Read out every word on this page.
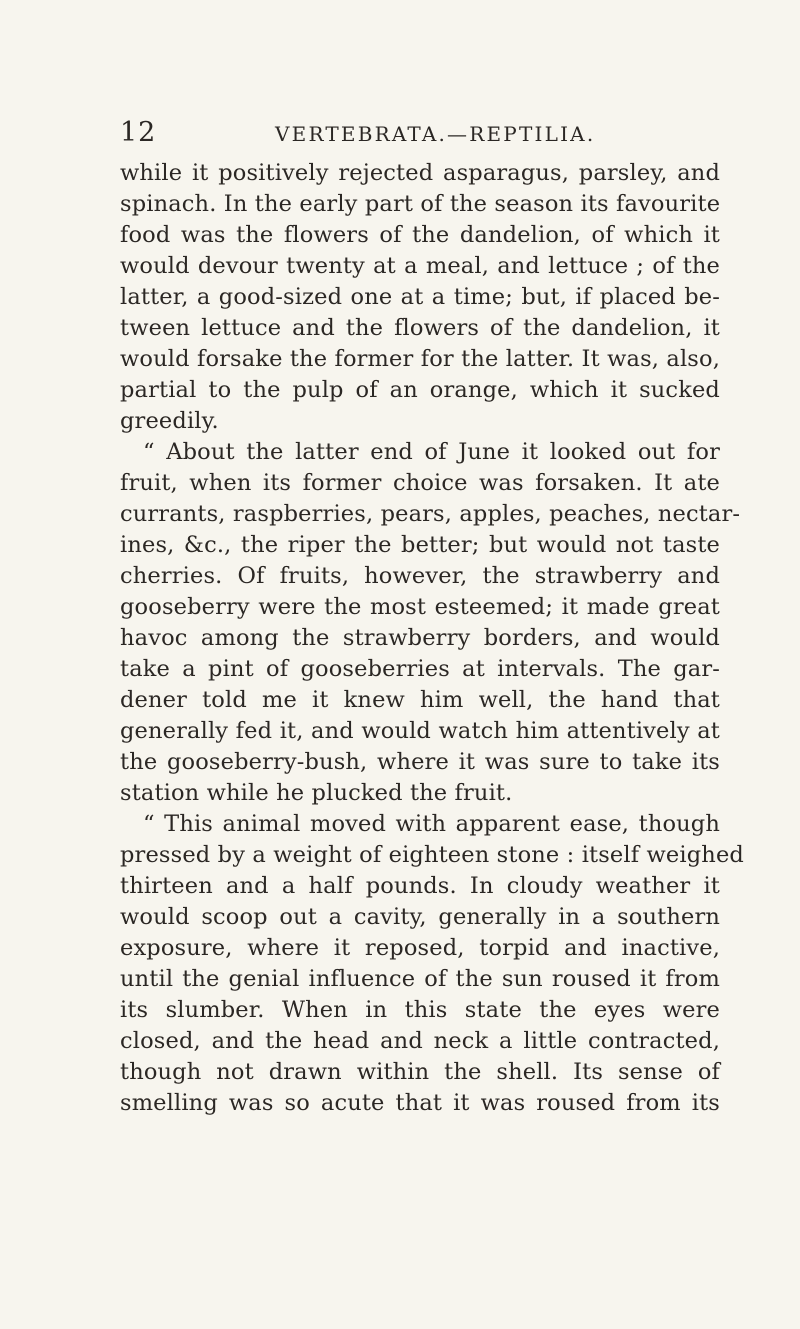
12	VERTEBRATA.—REPTILIA.
while it positively rejected asparagus, parsley, and
spinach. In the early part of the season its favourite
food was the flowers of the dandelion, of which it
would devour twenty at a meal, and lettuce ; of the
latter, a good-sized one at a time; but, if placed be-
tween lettuce and the flowers of the dandelion, it
would forsake the former for the latter. It was, also,
partial to the pulp of an orange, which it sucked
greedily.
“ About the latter end of June it looked out for
fruit, when its former choice was forsaken. It ate
currants, raspberries, pears, apples, peaches, nectar-
ines, &c., the riper the better; but would not taste
cherries. Of fruits, however, the strawberry and
gooseberry were the most esteemed; it made great
havoc among the strawberry borders, and would
take a pint of gooseberries at intervals. The gar-
dener told me it knew him well, the hand that
generally fed it, and would watch him attentively at
the gooseberry-bush, where it was sure to take its
station while he plucked the fruit.
“ This animal moved with apparent ease, though
pressed by a weight of eighteen stone : itself weighed
thirteen and a half pounds. In cloudy weather it
would scoop out a cavity, generally in a southern
exposure, where it reposed, torpid and inactive,
until the genial influence of the sun roused it from
its slumber. When in this state the eyes were
closed, and the head and neck a little contracted,
though not drawn within the shell. Its sense of
smelling was so acute that it was roused from its
